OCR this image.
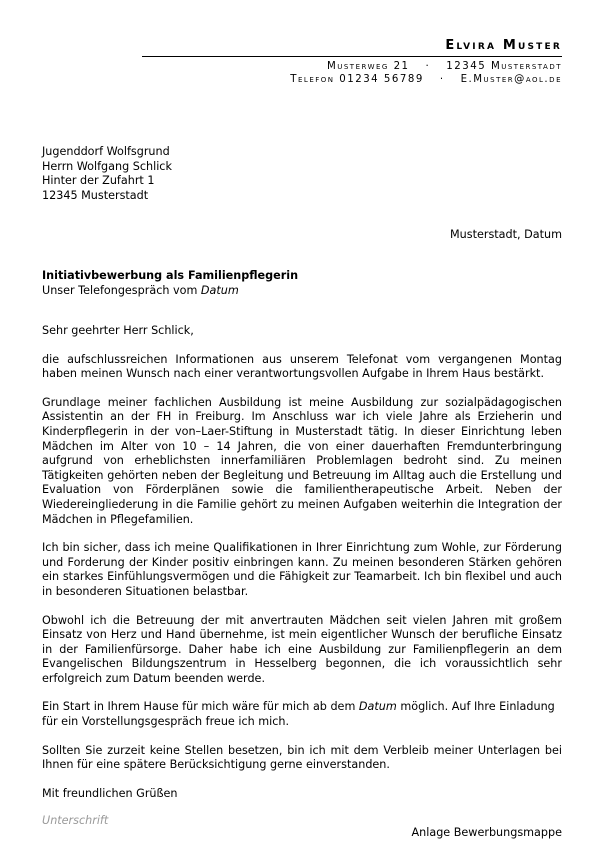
Elvira Muster
Musterweg 21 · 12345 Musterstadt
Telefon 01234 56789 · E.Muster@aol.de
Jugenddorf Wolfsgrund
Herrn Wolfgang Schlick
Hinter der Zufahrt 1
12345 Musterstadt
Musterstadt, Datum
Initiativbewerbung als Familienpflegerin
Unser Telefongespräch vom Datum

Sehr geehrter Herr Schlick,

die aufschlussreichen Informationen aus unserem Telefonat vom vergangenen Montag haben meinen Wunsch nach einer verantwortungsvollen Aufgabe in Ihrem Haus bestärkt.

Grundlage meiner fachlichen Ausbildung ist meine Ausbildung zur sozialpädagogischen Assistentin an der FH in Freiburg. Im Anschluss war ich viele Jahre als Erzieherin und Kinderpflegerin in der von–Laer-Stiftung in Musterstadt tätig. In dieser Einrichtung leben Mädchen im Alter von 10 – 14 Jahren, die von einer dauerhaften Fremdunterbringung aufgrund von erheblichsten innerfamiliären Problemlagen bedroht sind. Zu meinen Tätigkeiten gehörten neben der Begleitung und Betreuung im Alltag auch die Erstellung und Evaluation von Förderplänen sowie die familientherapeutische Arbeit. Neben der Wiedereingliederung in die Familie gehört zu meinen Aufgaben weiterhin die Integration der Mädchen in Pflegefamilien.

Ich bin sicher, dass ich meine Qualifikationen in Ihrer Einrichtung zum Wohle, zur Förderung und Forderung der Kinder positiv einbringen kann. Zu meinen besonderen Stärken gehören ein starkes Einfühlungsvermögen und die Fähigkeit zur Teamarbeit. Ich bin flexibel und auch in besonderen Situationen belastbar.

Obwohl ich die Betreuung der mit anvertrauten Mädchen seit vielen Jahren mit großem Einsatz von Herz und Hand übernehme, ist mein eigentlicher Wunsch der berufliche Einsatz in der Familienfürsorge. Daher habe ich eine Ausbildung zur Familienpflegerin an dem Evangelischen Bildungszentrum in Hesselberg begonnen, die ich voraussichtlich sehr erfolgreich zum Datum beenden werde.

Ein Start in Ihrem Hause für mich wäre für mich ab dem Datum möglich. Auf Ihre Einladung für ein Vorstellungsgespräch freue ich mich.

Sollten Sie zurzeit keine Stellen besetzen, bin ich mit dem Verbleib meiner Unterlagen bei Ihnen für eine spätere Berücksichtigung gerne einverstanden.

Mit freundlichen Grüßen

Unterschrift
Anlage Bewerbungsmappe
